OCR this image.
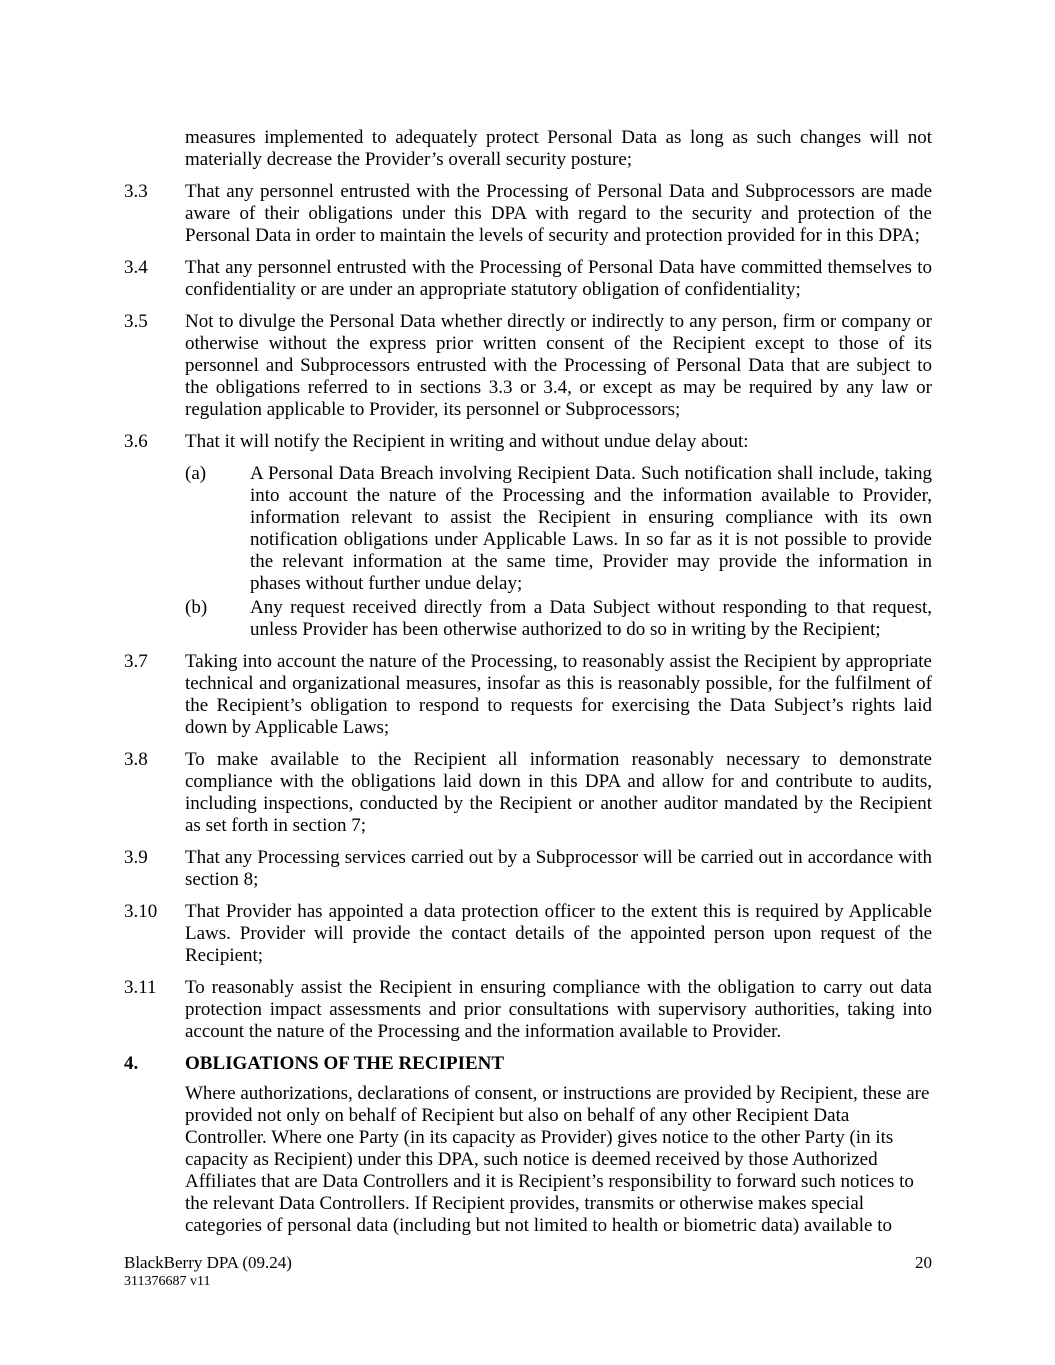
measures implemented to adequately protect Personal Data as long as such changes will not materially decrease the Provider’s overall security posture;

3.3	That any personnel entrusted with the Processing of Personal Data and Subprocessors are made aware of their obligations under this DPA with regard to the security and protection of the Personal Data in order to maintain the levels of security and protection provided for in this DPA;
3.4	That any personnel entrusted with the Processing of Personal Data have committed themselves to confidentiality or are under an appropriate statutory obligation of confidentiality;
3.5	Not to divulge the Personal Data whether directly or indirectly to any person, firm or company or otherwise without the express prior written consent of the Recipient except to those of its personnel and Subprocessors entrusted with the Processing of Personal Data that are subject to the obligations referred to in sections 3.3 or 3.4, or except as may be required by any law or regulation applicable to Provider, its personnel or Subprocessors;
3.6	That it will notify the Recipient in writing and without undue delay about:
(a)	A Personal Data Breach involving Recipient Data. Such notification shall include, taking into account the nature of the Processing and the information available to Provider, information relevant to assist the Recipient in ensuring compliance with its own notification obligations under Applicable Laws. In so far as it is not possible to provide the relevant information at the same time, Provider may provide the information in phases without further undue delay;
(b)	Any request received directly from a Data Subject without responding to that request, unless Provider has been otherwise authorized to do so in writing by the Recipient;
3.7	Taking into account the nature of the Processing, to reasonably assist the Recipient by appropriate technical and organizational measures, insofar as this is reasonably possible, for the fulfilment of the Recipient’s obligation to respond to requests for exercising the Data Subject’s rights laid down by Applicable Laws;
3.8	To make available to the Recipient all information reasonably necessary to demonstrate compliance with the obligations laid down in this DPA and allow for and contribute to audits, including inspections, conducted by the Recipient or another auditor mandated by the Recipient as set forth in section 7;
3.9	That any Processing services carried out by a Subprocessor will be carried out in accordance with section 8;
3.10	That Provider has appointed a data protection officer to the extent this is required by Applicable Laws. Provider will provide the contact details of the appointed person upon request of the Recipient;
3.11	To reasonably assist the Recipient in ensuring compliance with the obligation to carry out data protection impact assessments and prior consultations with supervisory authorities, taking into account the nature of the Processing and the information available to Provider.
4.	OBLIGATIONS OF THE RECIPIENT

Where authorizations, declarations of consent, or instructions are provided by Recipient, these are provided not only on behalf of Recipient but also on behalf of any other Recipient Data Controller. Where one Party (in its capacity as Provider) gives notice to the other Party (in its capacity as Recipient) under this DPA, such notice is deemed received by those Authorized Affiliates that are Data Controllers and it is Recipient’s responsibility to forward such notices to the relevant Data Controllers. If Recipient provides, transmits or otherwise makes special categories of personal data (including but not limited to health or biometric data) available to

BlackBerry DPA (09.24)
311376687 v11
20
